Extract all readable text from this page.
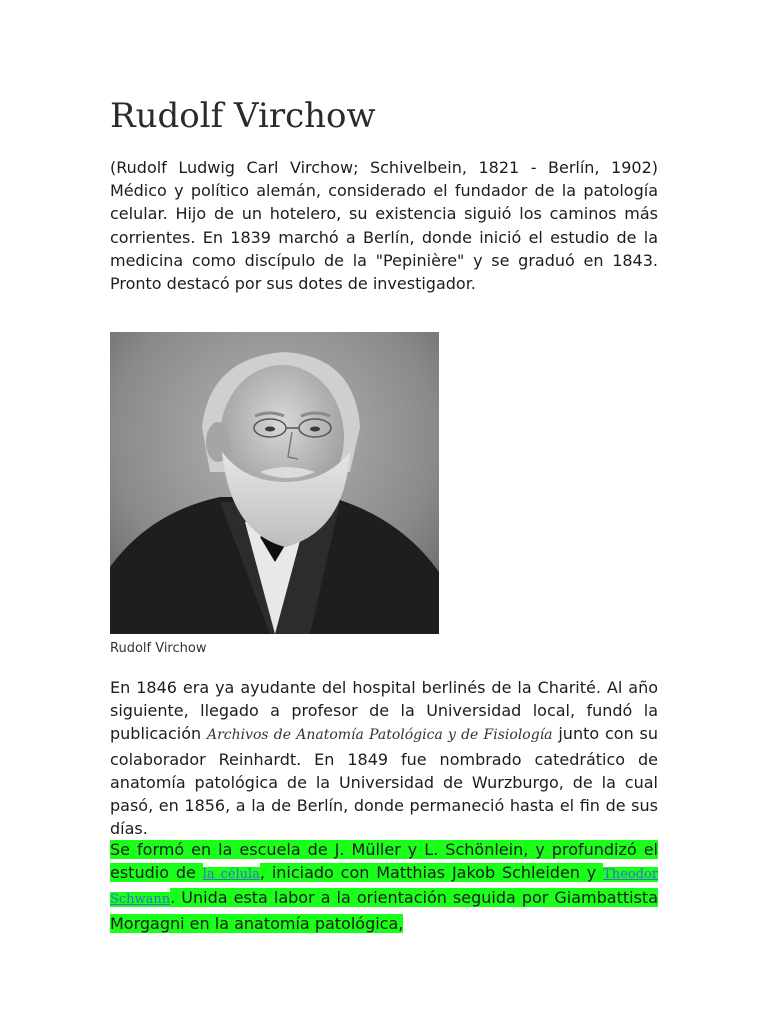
Rudolf Virchow

(Rudolf Ludwig Carl Virchow; Schivelbein, 1821 - Berlín, 1902) Médico y político alemán, considerado el fundador de la patología celular. Hijo de un hotelero, su existencia siguió los caminos más corrientes. En 1839 marchó a Berlín, donde inició el estudio de la medicina como discípulo de la "Pepinière" y se graduó en 1843. Pronto destacó por sus dotes de investigador.

Rudolf Virchow

En 1846 era ya ayudante del hospital berlinés de la Charité. Al año siguiente, llegado a profesor de la Universidad local, fundó la publicación Archivos de Anatomía Patológica y de Fisiología junto con su colaborador Reinhardt. En 1849 fue nombrado catedrático de anatomía patológica de la Universidad de Wurzburgo, de la cual pasó, en 1856, a la de Berlín, donde permaneció hasta el fin de sus días.

Se formó en la escuela de J. Müller y L. Schönlein, y profundizó el estudio de la célula, iniciado con Matthias Jakob Schleiden y Theodor Schwann. Unida esta labor a la orientación seguida por Giambattista Morgagni en la anatomía patológica,
